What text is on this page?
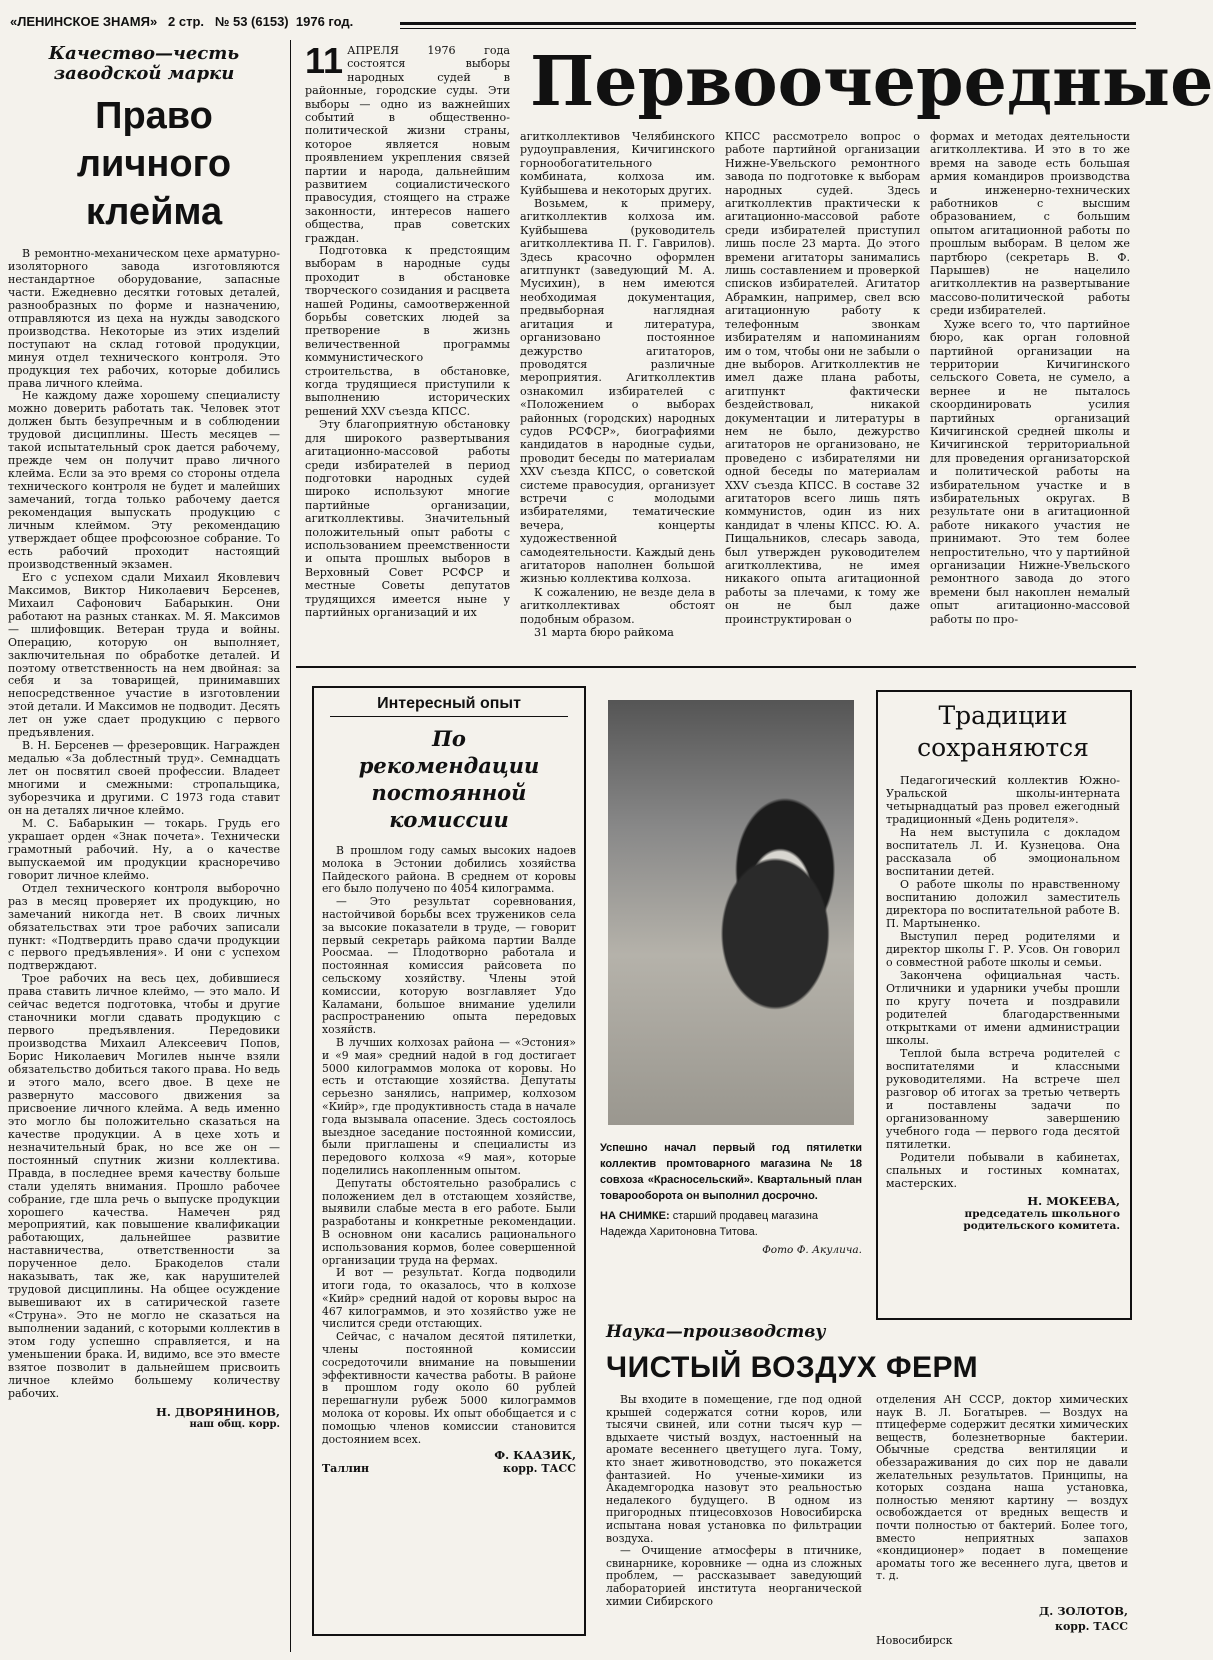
«ЛЕНИНСКОЕ ЗНАМЯ» 2 стр. № 53 (6153) 1976 год.
Качество—честь заводской марки
Право личного клейма

В ремонтно-механическом цехе арматурно-изоляторного завода изготовляются нестандартное оборудование, запасные части. Ежедневно десятки готовых деталей, разнообразных по форме и назначению, отправляются из цеха на нужды заводского производства. Некоторые из этих изделий поступают на склад готовой продукции, минуя отдел технического контроля. Это продукция тех рабочих, которые добились права личного клейма.

Не каждому даже хорошему специалисту можно доверить работать так. Человек этот должен быть безупречным и в соблюдении трудовой дисциплины. Шесть месяцев — такой испытательный срок дается рабочему, прежде чем он получит право личного клейма. Если за это время со стороны отдела технического контроля не будет и малейших замечаний, тогда только рабочему дается рекомендация выпускать продукцию с личным клеймом. Эту рекомендацию утверждает общее профсоюзное собрание. То есть рабочий проходит настоящий производственный экзамен.

Его с успехом сдали Михаил Яковлевич Максимов, Виктор Николаевич Берсенев, Михаил Сафонович Бабарыкин. Они работают на разных станках. М. Я. Максимов — шлифовщик. Ветеран труда и войны. Операцию, которую он выполняет, заключительная по обработке деталей. И поэтому ответственность на нем двойная: за себя и за товарищей, принимавших непосредственное участие в изготовлении этой детали. И Максимов не подводит. Десять лет он уже сдает продукцию с первого предъявления.

В. Н. Берсенев — фрезеровщик. Награжден медалью «За доблестный труд». Семнадцать лет он посвятил своей профессии. Владеет многими и смежными: стропальщика, зуборезчика и другими. С 1973 года ставит он на деталях личное клеймо.

М. С. Бабарыкин — токарь. Грудь его украшает орден «Знак почета». Технически грамотный рабочий. Ну, а о качестве выпускаемой им продукции красноречиво говорит личное клеймо.

Отдел технического контроля выборочно раз в месяц проверяет их продукцию, но замечаний никогда нет. В своих личных обязательствах эти трое рабочих записали пункт: «Подтвердить право сдачи продукции с первого предъявления». И они с успехом подтверждают.

Трое рабочих на весь цех, добившиеся права ставить личное клеймо, — это мало. И сейчас ведется подготовка, чтобы и другие станочники могли сдавать продукцию с первого предъявления. Передовики производства Михаил Алексеевич Попов, Борис Николаевич Могилев нынче взяли обязательство добиться такого права. Но ведь и этого мало, всего двое. В цехе не развернуто массового движения за присвоение личного клейма. А ведь именно это могло бы положительно сказаться на качестве продукции. А в цехе хоть и незначительный брак, но все же он — постоянный спутник жизни коллектива. Правда, в последнее время качеству больше стали уделять внимания. Прошло рабочее собрание, где шла речь о выпуске продукции хорошего качества. Намечен ряд мероприятий, как повышение квалификации работающих, дальнейшее развитие наставничества, ответственности за порученное дело. Бракоделов стали наказывать, так же, как нарушителей трудовой дисциплины. На общее осуждение вывешивают их в сатирической газете «Струна». Это не могло не сказаться на выполнении заданий, с которыми коллектив в этом году успешно справляется, и на уменьшении брака. И, видимо, все это вместе взятое позволит в дальнейшем присвоить личное клеймо большему количеству рабочих.

Н. ДВОРЯНИНОВ,
наш общ. корр.
11 АПРЕЛЯ 1976 года состоятся выборы народных судей в районные, городские суды. Эти выборы — одно из важнейших событий в общественно-политической жизни страны, которое является новым проявлением укрепления связей партии и народа, дальнейшим развитием социалистического правосудия, стоящего на страже законности, интересов нашего общества, прав советских граждан.
Первоочередные

Подготовка к предстоящим выборам в народные суды проходит в обстановке творческого созидания и расцвета нашей Родины, самоотверженной борьбы советских людей за претворение в жизнь величественной программы коммунистического строительства, в обстановке, когда трудящиеся приступили к выполнению исторических решений XXV съезда КПСС.

Эту благоприятную обстановку для широкого развертывания агитационно-массовой работы среди избирателей в период подготовки народных судей широко используют многие партийные организации, агитколлективы. Значительный положительный опыт работы с использованием преемственности и опыта прошлых выборов в Верховный Совет РСФСР и местные Советы депутатов трудящихся имеется ныне у партийных организаций и их

агитколлективов Челябинского рудоуправления, Кичигинского горнообогатительного комбината, колхоза им. Куйбышева и некоторых других.

Возьмем, к примеру, агитколлектив колхоза им. Куйбышева (руководитель агитколлектива П. Г. Гаврилов). Здесь красочно оформлен агитпункт (заведующий М. А. Мусихин), в нем имеются необходимая документация, предвыборная наглядная агитация и литература, организовано постоянное дежурство агитаторов, проводятся различные мероприятия. Агитколлектив ознакомил избирателей с «Положением о выборах районных (городских) народных судов РСФСР», биографиями кандидатов в народные судьи, проводит беседы по материалам XXV съезда КПСС, о советской системе правосудия, организует встречи с молодыми избирателями, тематические вечера, концерты художественной самодеятельности. Каждый день агитаторов наполнен большой жизнью коллектива колхоза.

К сожалению, не везде дела в агитколлективах обстоят подобным образом.

31 марта бюро райкома

КПСС рассмотрело вопрос о работе партийной организации Нижне-Увельского ремонтного завода по подготовке к выборам народных судей. Здесь агитколлектив практически к агитационно-массовой работе среди избирателей приступил лишь после 23 марта. До этого времени агитаторы занимались лишь составлением и проверкой списков избирателей. Агитатор Абрамкин, например, свел всю агитационную работу к телефонным звонкам избирателям и напоминаниям им о том, чтобы они не забыли о дне выборов. Агитколлектив не имел даже плана работы, агитпункт фактически бездействовал, никакой документации и литературы в нем не было, дежурство агитаторов не организовано, не проведено с избирателями ни одной беседы по материалам XXV съезда КПСС. В составе 32 агитаторов всего лишь пять коммунистов, один из них кандидат в члены КПСС. Ю. А. Пищальников, слесарь завода, был утвержден руководителем агитколлектива, не имея никакого опыта агитационной работы за плечами, к тому же он не был даже проинструктирован о

формах и методах деятельности агитколлектива. И это в то же время на заводе есть большая армия командиров производства и инженерно-технических работников с высшим образованием, с большим опытом агитационной работы по прошлым выборам. В целом же партбюро (секретарь В. Ф. Парышев) не нацелило агитколлектив на развертывание массово-политической работы среди избирателей.

Хуже всего то, что партийное бюро, как орган головной партийной организации на территории Кичигинского сельского Совета, не сумело, а вернее и не пыталось скоординировать усилия партийных организаций Кичигинской средней школы и Кичигинской территориальной для проведения организаторской и политической работы на избирательном участке и в избирательных округах. В результате они в агитационной работе никакого участия не принимают. Это тем более непростительно, что у партийной организации Нижне-Увельского ремонтного завода до этого времени был накоплен немалый опыт агитационно-массовой работы по про-

Интересный опыт
По рекомендации постоянной комиссии

В прошлом году самых высоких надоев молока в Эстонии добились хозяйства Пайдеского района. В среднем от коровы его было получено по 4054 килограмма.

— Это результат соревнования, настойчивой борьбы всех тружеников села за высокие показатели в труде, — говорит первый секретарь райкома партии Валде Роосмаа. — Плодотворно работала и постоянная комиссия райсовета по сельскому хозяйству. Члены этой комиссии, которую возглавляет Удо Каламани, большое внимание уделили распространению опыта передовых хозяйств.

В лучших колхозах района — «Эстония» и «9 мая» средний надой в год достигает 5000 килограммов молока от коровы. Но есть и отстающие хозяйства. Депутаты серьезно занялись, например, колхозом «Кийр», где продуктивность стада в начале года вызывала опасение. Здесь состоялось выездное заседание постоянной комиссии, были приглашены и специалисты из передового колхоза «9 мая», которые поделились накопленным опытом.

Депутаты обстоятельно разобрались с положением дел в отстающем хозяйстве, выявили слабые места в его работе. Были разработаны и конкретные рекомендации. В основном они касались рационального использования кормов, более совершенной организации труда на фермах.

И вот — результат. Когда подводили итоги года, то оказалось, что в колхозе «Кийр» средний надой от коровы вырос на 467 килограммов, и это хозяйство уже не числится среди отстающих.

Сейчас, с началом десятой пятилетки, члены постоянной комиссии сосредоточили внимание на повышении эффективности качества работы. В районе в прошлом году около 60 рублей перешагнули рубеж 5000 килограммов молока от коровы. Их опыт обобщается и с помощью членов комиссии становится достоянием всех.

Ф. КААЗИК,
Таллин	корр. ТАСС
Успешно начал первый год пятилетки коллектив промтоварного магазина № 18 совхоза «Красносельский». Квартальный план товарооборота он выполнил досрочно.
НА СНИМКЕ: старший продавец магазина Надежда Харитоновна Титова.
Фото Ф. Акулича.
Традиции сохраняются

Педагогический коллектив Южно-Уральской школы-интерната четырнадцатый раз провел ежегодный традиционный «День родителя».

На нем выступила с докладом воспитатель Л. И. Кузнецова. Она рассказала об эмоциональном воспитании детей.

О работе школы по нравственному воспитанию доложил заместитель директора по воспитательной работе В. П. Мартыненко.

Выступил перед родителями и директор школы Г. Р. Усов. Он говорил о совместной работе школы и семьи.

Закончена официальная часть. Отличники и ударники учебы прошли по кругу почета и поздравили родителей благодарственными открытками от имени администрации школы.

Теплой была встреча родителей с воспитателями и классными руководителями. На встрече шел разговор об итогах за третью четверть и поставлены задачи по организованному завершению учебного года — первого года десятой пятилетки.

Родители побывали в кабинетах, спальных и гостиных комнатах, мастерских.

Н. МОКЕЕВА,
председатель школьного родительского комитета.
Наука—производству
ЧИСТЫЙ ВОЗДУХ ФЕРМ

Вы входите в помещение, где под одной крышей содержатся сотни коров, или тысячи свиней, или сотни тысяч кур — вдыхаете чистый воздух, настоенный на аромате весеннего цветущего луга. Тому, кто знает животноводство, это покажется фантазией. Но ученые-химики из Академгородка назовут это реальностью недалекого будущего. В одном из пригородных птицесовхозов Новосибирска испытана новая установка по фильтрации воздуха.

— Очищение атмосферы в птичнике, свинарнике, коровнике — одна из сложных проблем, — рассказывает заведующий лабораторией института неорганической химии Сибирского

отделения АН СССР, доктор химических наук В. Л. Богатырев. — Воздух на птицеферме содержит десятки химических веществ, болезнетворные бактерии. Обычные средства вентиляции и обеззараживания до сих пор не давали желательных результатов. Принципы, на которых создана наша установка, полностью меняют картину — воздух освобождается от вредных веществ и почти полностью от бактерий. Более того, вместо неприятных запахов «кондиционер» подает в помещение ароматы того же весеннего луга, цветов и т. д.

Д. ЗОЛОТОВ,
Новосибирск
корр. ТАСС
